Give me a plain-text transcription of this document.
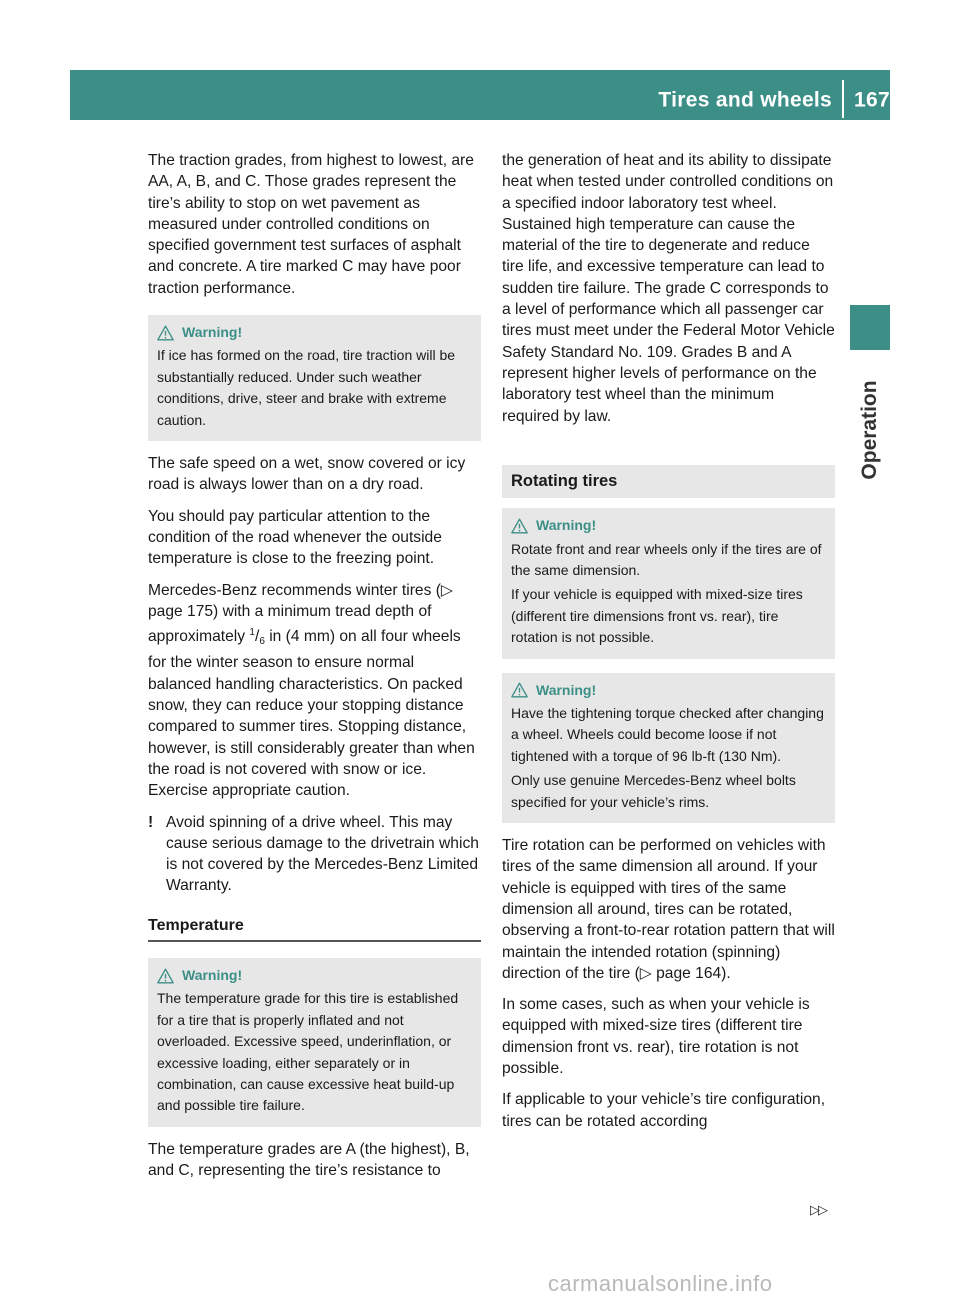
Tires and wheels 167
Operation

The traction grades, from highest to lowest, are AA, A, B, and C. Those grades represent the tire’s ability to stop on wet pavement as measured under controlled conditions on specified government test surfaces of asphalt and concrete. A tire marked C may have poor traction performance.

Warning!

If ice has formed on the road, tire traction will be substantially reduced. Under such weather conditions, drive, steer and brake with extreme caution.

The safe speed on a wet, snow covered or icy road is always lower than on a dry road.

You should pay particular attention to the condition of the road whenever the outside temperature is close to the freezing point.

Mercedes-Benz recommends winter tires (▷ page 175) with a minimum tread depth of approximately $^1/_6$ in (4 mm) on all four wheels for the winter season to ensure normal balanced handling characteristics. On packed snow, they can reduce your stopping distance compared to summer tires. Stopping distance, however, is still considerably greater than when the road is not covered with snow or ice. Exercise appropriate caution.

! Avoid spinning of a drive wheel. This may cause serious damage to the drivetrain which is not covered by the Mercedes-Benz Limited Warranty.
Temperature
Warning!

The temperature grade for this tire is established for a tire that is properly inflated and not overloaded. Excessive speed, underinflation, or excessive loading, either separately or in combination, can cause excessive heat build-up and possible tire failure.

The temperature grades are A (the highest), B, and C, representing the tire’s resistance to

the generation of heat and its ability to dissipate heat when tested under controlled conditions on a specified indoor laboratory test wheel. Sustained high temperature can cause the material of the tire to degenerate and reduce tire life, and excessive temperature can lead to sudden tire failure. The grade C corresponds to a level of performance which all passenger car tires must meet under the Federal Motor Vehicle Safety Standard No. 109. Grades B and A represent higher levels of performance on the laboratory test wheel than the minimum required by law.

Rotating tires
Warning!

Rotate front and rear wheels only if the tires are of the same dimension.

If your vehicle is equipped with mixed-size tires (different tire dimensions front vs. rear), tire rotation is not possible.

Warning!

Have the tightening torque checked after changing a wheel. Wheels could become loose if not tightened with a torque of 96 lb-ft (130 Nm).

Only use genuine Mercedes-Benz wheel bolts specified for your vehicle’s rims.

Tire rotation can be performed on vehicles with tires of the same dimension all around. If your vehicle is equipped with tires of the same dimension all around, tires can be rotated, observing a front-to-rear rotation pattern that will maintain the intended rotation (spinning) direction of the tire (▷ page 164).

In some cases, such as when your vehicle is equipped with mixed-size tires (different tire dimension front vs. rear), tire rotation is not possible.

If applicable to your vehicle’s tire configuration, tires can be rotated according

▷▷
carmanualsonline.info
